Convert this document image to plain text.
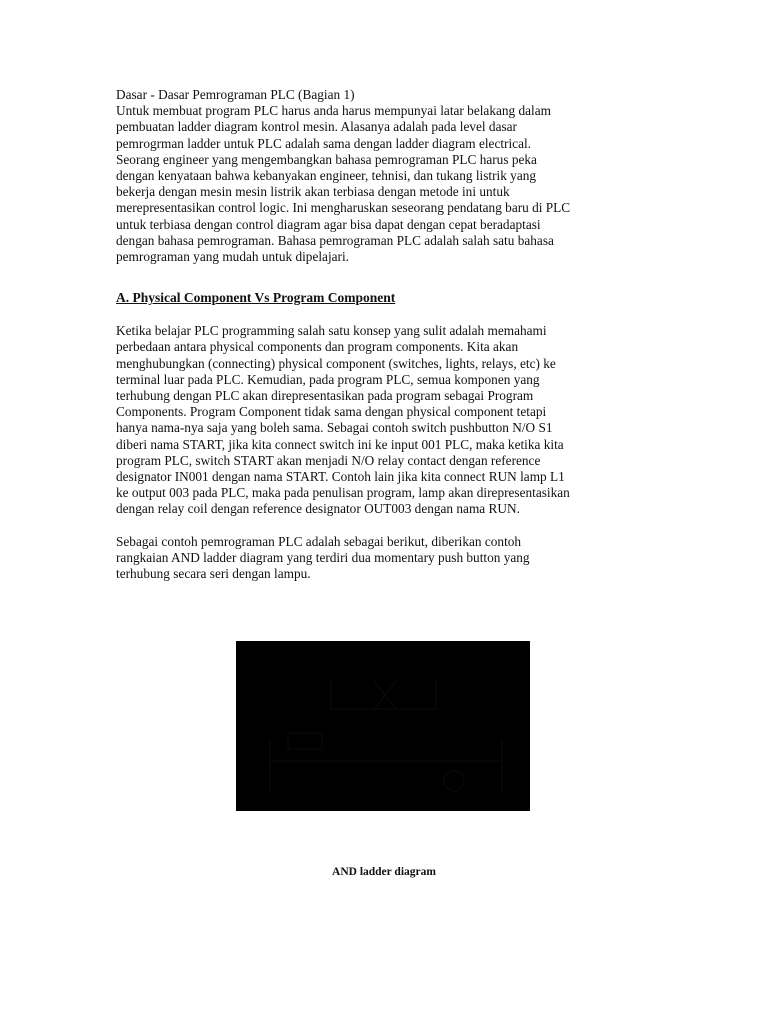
Dasar - Dasar Pemrograman PLC (Bagian 1)
Untuk membuat program PLC harus anda harus mempunyai latar belakang dalam
pembuatan ladder diagram kontrol mesin. Alasanya adalah pada level dasar
pemrogrman ladder untuk PLC adalah sama dengan ladder diagram electrical.
Seorang engineer yang mengembangkan bahasa pemrograman PLC harus peka
dengan kenyataan bahwa kebanyakan engineer, tehnisi, dan tukang listrik yang
bekerja dengan mesin mesin listrik akan terbiasa dengan metode ini untuk
merepresentasikan control logic. Ini mengharuskan seseorang pendatang baru di PLC
untuk terbiasa dengan control diagram agar bisa dapat dengan cepat beradaptasi
dengan bahasa pemrograman. Bahasa pemrograman PLC adalah salah satu bahasa
pemrograman yang mudah untuk dipelajari.
A. Physical Component Vs Program Component
Ketika belajar PLC programming salah satu konsep yang sulit adalah memahami
perbedaan antara physical components dan program components. Kita akan
menghubungkan (connecting) physical component (switches, lights, relays, etc) ke
terminal luar pada PLC. Kemudian, pada program PLC, semua komponen yang
terhubung dengan PLC akan direpresentasikan pada program sebagai Program
Components. Program Component tidak sama dengan physical component tetapi
hanya nama-nya saja yang boleh sama. Sebagai contoh switch pushbutton N/O S1
diberi nama START, jika kita connect switch ini ke input 001 PLC, maka ketika kita
program PLC, switch START akan menjadi N/O relay contact dengan reference
designator IN001 dengan nama START. Contoh lain jika kita connect RUN lamp L1
ke output 003 pada PLC, maka pada penulisan program, lamp akan direpresentasikan
dengan relay coil dengan reference designator OUT003 dengan nama RUN.
Sebagai contoh pemrograman PLC adalah sebagai berikut, diberikan contoh
rangkaian AND ladder diagram yang terdiri dua momentary push button yang
terhubung secara seri dengan lampu.
AND ladder diagram
